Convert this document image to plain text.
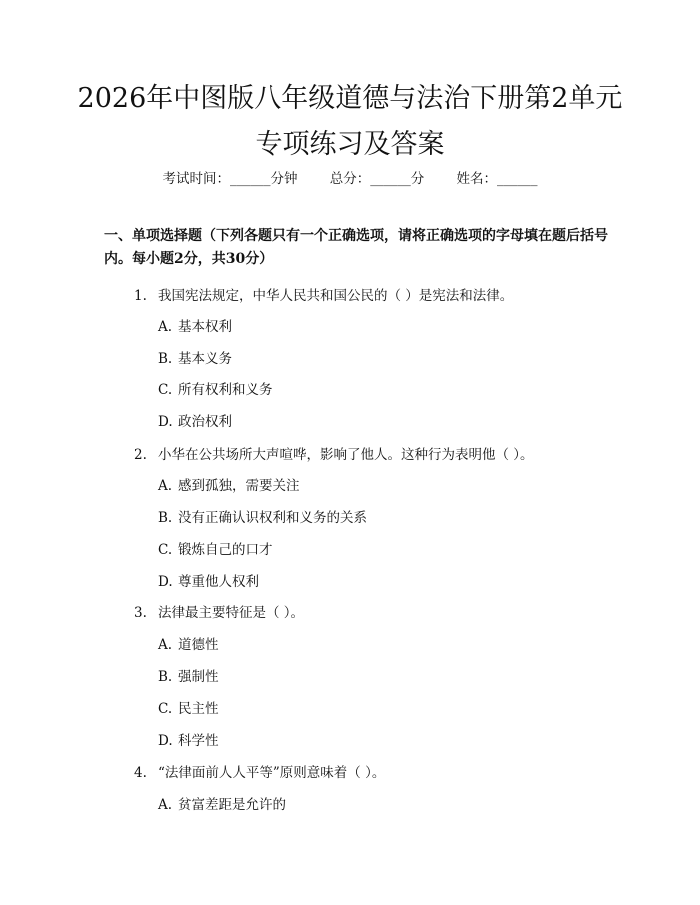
2026年中图版八年级道德与法治下册第2单元专项练习及答案
考试时间：______分钟 总分：______分 姓名：______
一、单项选择题（下列各题只有一个正确选项，请将正确选项的字母填在题后括号内。每小题2分，共30分）
1. 我国宪法规定，中华人民共和国公民的（ ）是宪法和法律。
A. 基本权利
B. 基本义务
C. 所有权利和义务
D. 政治权利
2. 小华在公共场所大声喧哗，影响了他人。这种行为表明他（ ）。
A. 感到孤独，需要关注
B. 没有正确认识权利和义务的关系
C. 锻炼自己的口才
D. 尊重他人权利
3. 法律最主要特征是（ ）。
A. 道德性
B. 强制性
C. 民主性
D. 科学性
4. “法律面前人人平等”原则意味着（ ）。
A. 贫富差距是允许的
